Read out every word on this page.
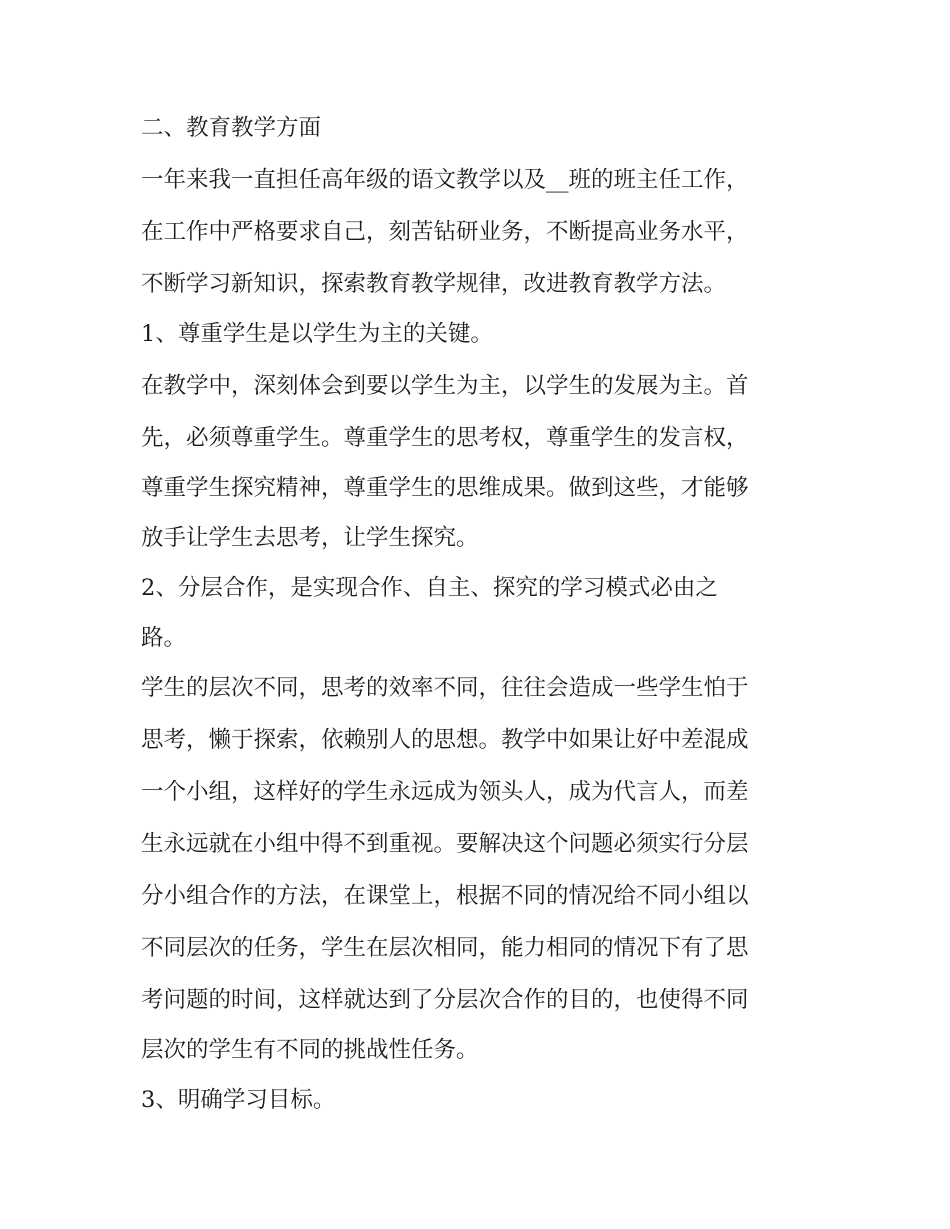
二、教育教学方面
一年来我一直担任高年级的语文教学以及__班的班主任工作，
在工作中严格要求自己，刻苦钻研业务，不断提高业务水平，
不断学习新知识，探索教育教学规律，改进教育教学方法。
1、尊重学生是以学生为主的关键。
在教学中，深刻体会到要以学生为主，以学生的发展为主。首
先，必须尊重学生。尊重学生的思考权，尊重学生的发言权，
尊重学生探究精神，尊重学生的思维成果。做到这些，才能够
放手让学生去思考，让学生探究。
2、分层合作，是实现合作、自主、探究的学习模式必由之
路。
学生的层次不同，思考的效率不同，往往会造成一些学生怕于
思考，懒于探索，依赖别人的思想。教学中如果让好中差混成
一个小组，这样好的学生永远成为领头人，成为代言人，而差
生永远就在小组中得不到重视。要解决这个问题必须实行分层
分小组合作的方法，在课堂上，根据不同的情况给不同小组以
不同层次的任务，学生在层次相同，能力相同的情况下有了思
考问题的时间，这样就达到了分层次合作的目的，也使得不同
层次的学生有不同的挑战性任务。
3、明确学习目标。
